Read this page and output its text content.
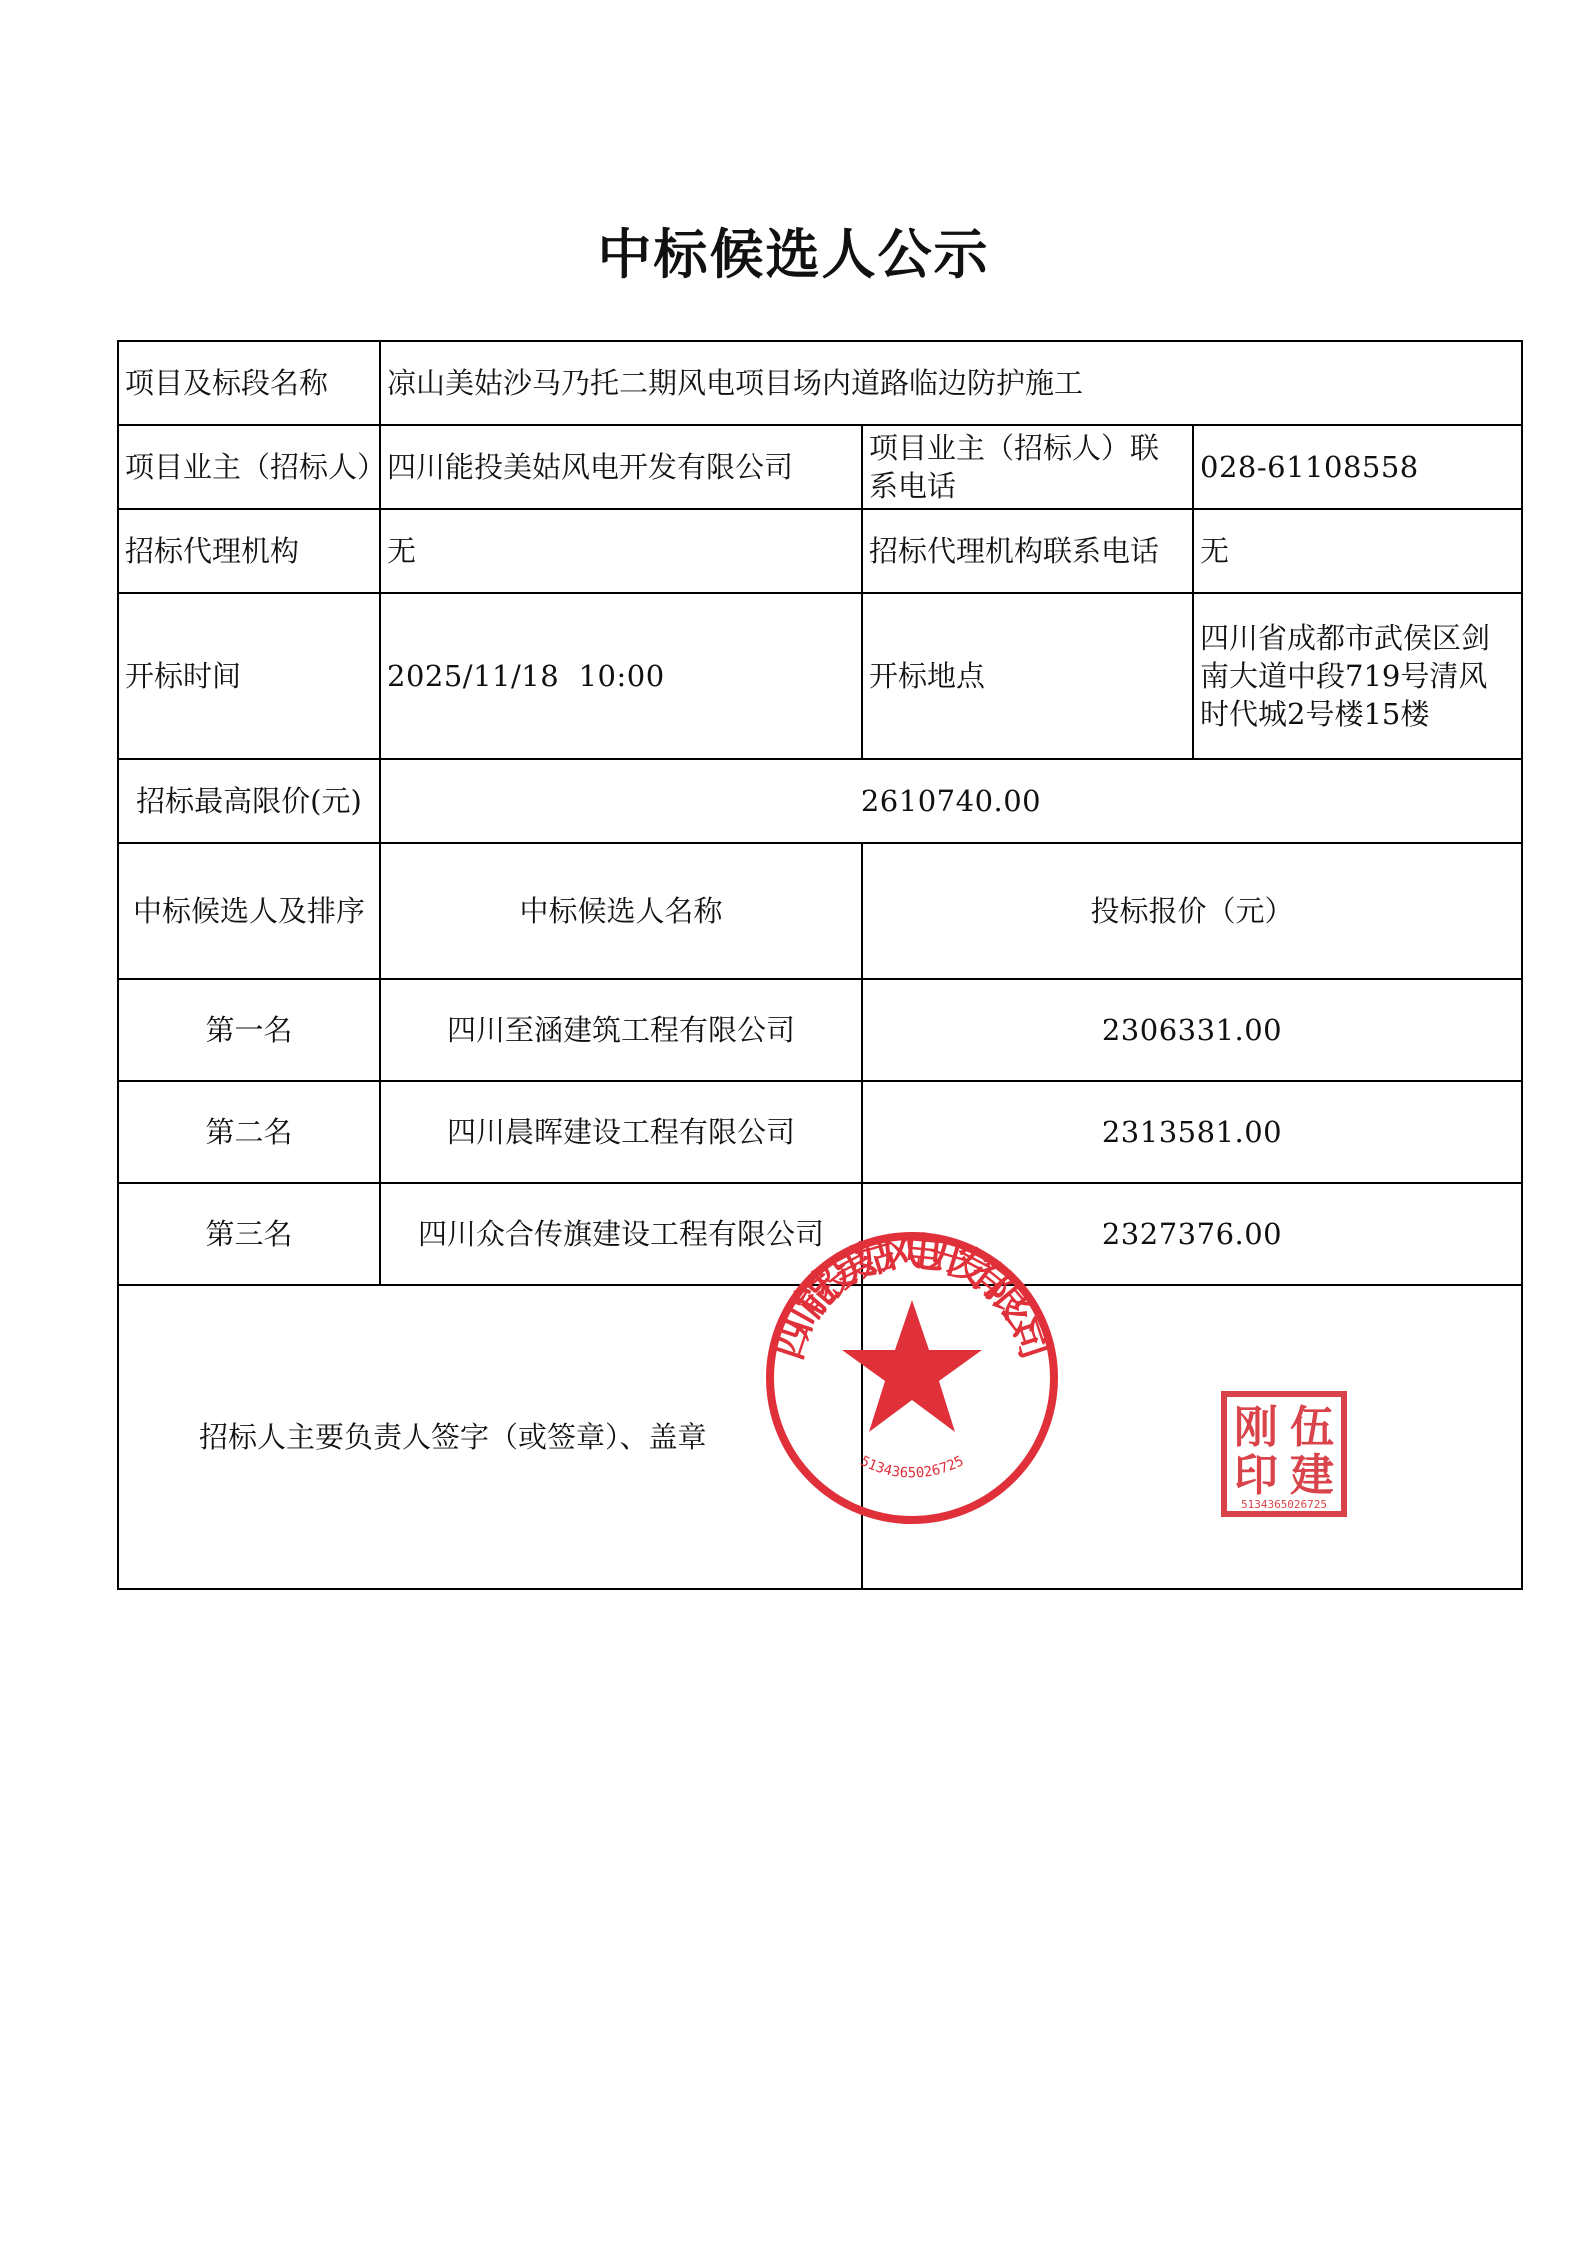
中标候选人公示
项目及标段名称	凉山美姑沙马乃托二期风电项目场内道路临边防护施工		
项目业主（招标人）	四川能投美姑风电开发有限公司	项目业主（招标人）联系电话	028-61108558
招标代理机构	无	招标代理机构联系电话	无
开标时间	2025/11/18  10:00	开标地点	四川省成都市武侯区剑南大道中段719号清风时代城2号楼15楼
招标最高限价(元)	2610740.00		
中标候选人及排序	中标候选人名称	投标报价（元）	
第一名	四川至涵建筑工程有限公司	2306331.00	
第二名	四川晨晖建设工程有限公司	2313581.00	
第三名	四川众合传旗建设工程有限公司	2327376.00	

招标人主要负责人签字（或签章）、盖章			

四川能投美姑风电开发有限公司
5134365026725
伍
建
刚
印
5134365026725
